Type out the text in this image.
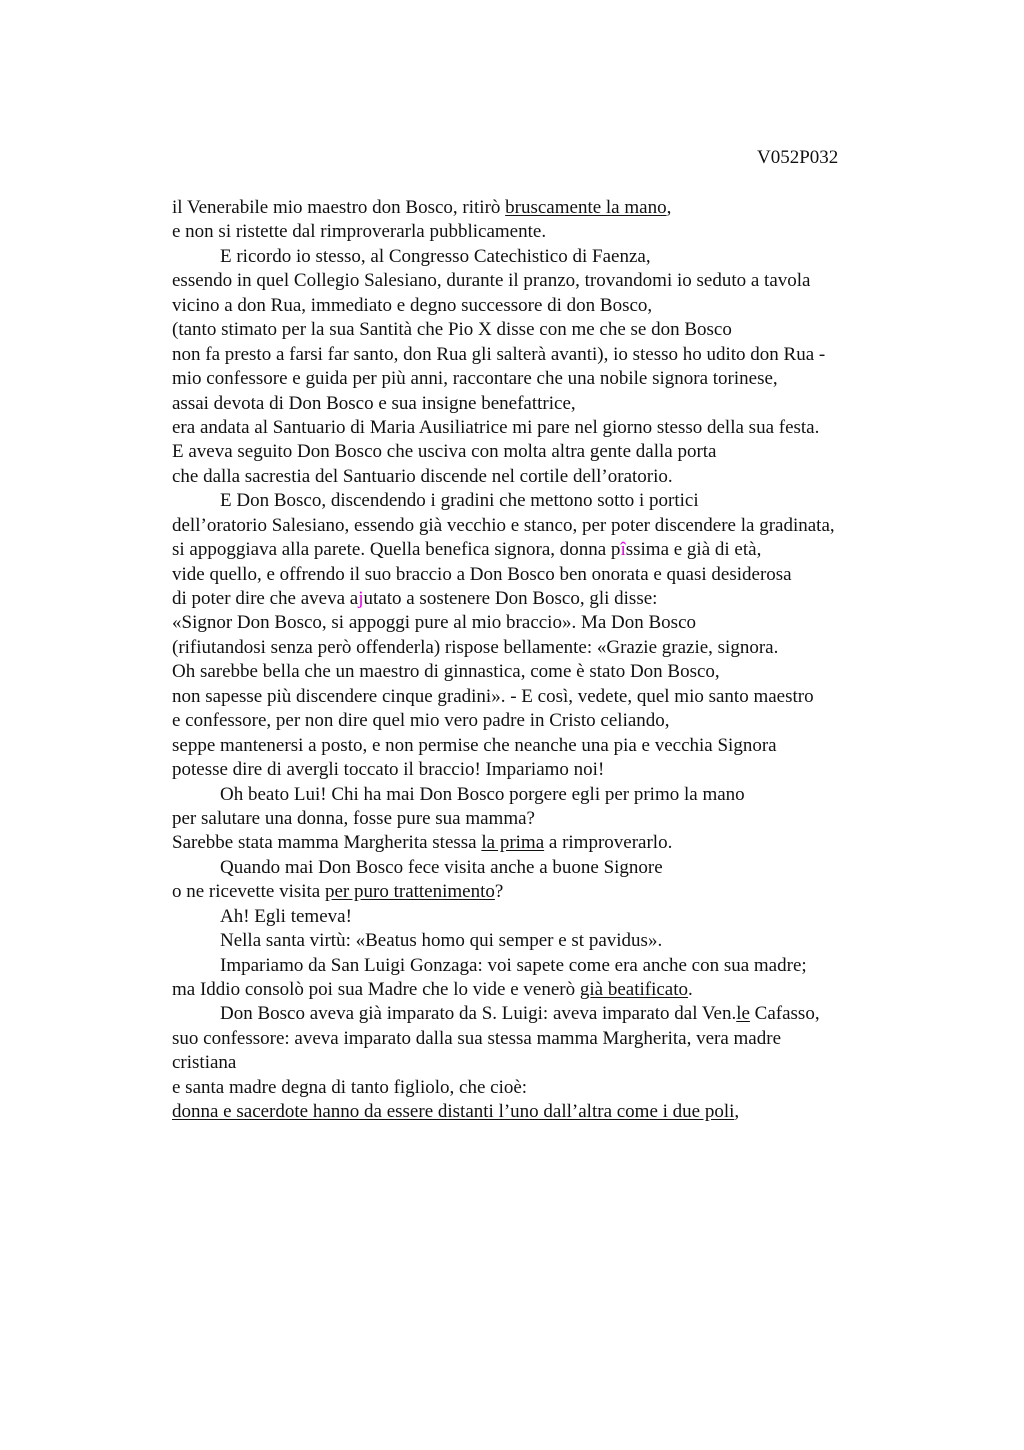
V052P032
il Venerabile mio maestro don Bosco, ritirò bruscamente la mano,
e non si ristette dal rimproverarla pubblicamente.
E ricordo io stesso, al Congresso Catechistico di Faenza,
essendo in quel Collegio Salesiano, durante il pranzo, trovandomi io seduto a tavola
vicino a don Rua, immediato e degno successore di don Bosco,
(tanto stimato per la sua Santità che Pio X disse con me che se don Bosco
non fa presto a farsi far santo, don Rua gli salterà avanti), io stesso ho udito don Rua -
mio confessore e guida per più anni, raccontare che una nobile signora torinese,
assai devota di Don Bosco e sua insigne benefattrice,
era andata al Santuario di Maria Ausiliatrice mi pare nel giorno stesso della sua festa.
E aveva seguito Don Bosco che usciva con molta altra gente dalla porta
che dalla sacrestia del Santuario discende nel cortile dell’oratorio.
E Don Bosco, discendendo i gradini che mettono sotto i portici
dell’oratorio Salesiano, essendo già vecchio e stanco, per poter discendere la gradinata,
si appoggiava alla parete. Quella benefica signora, donna pîssima e già di età,
vide quello, e offrendo il suo braccio a Don Bosco ben onorata e quasi desiderosa
di poter dire che aveva ajutato a sostenere Don Bosco, gli disse:
«Signor Don Bosco, si appoggi pure al mio braccio». Ma Don Bosco
(rifiutandosi senza però offenderla) rispose bellamente: «Grazie grazie, signora.
Oh sarebbe bella che un maestro di ginnastica, come è stato Don Bosco,
non sapesse più discendere cinque gradini». - E così, vedete, quel mio santo maestro
e confessore, per non dire quel mio vero padre in Cristo celiando,
seppe mantenersi a posto, e non permise che neanche una pia e vecchia Signora
potesse dire di avergli toccato il braccio! Impariamo noi!
Oh beato Lui! Chi ha mai Don Bosco porgere egli per primo la mano
per salutare una donna, fosse pure sua mamma?
Sarebbe stata mamma Margherita stessa la prima a rimproverarlo.
Quando mai Don Bosco fece visita anche a buone Signore
o ne ricevette visita per puro trattenimento?
Ah! Egli temeva!
Nella santa virtù: «Beatus homo qui semper e st pavidus».
Impariamo da San Luigi Gonzaga: voi sapete come era anche con sua madre;
ma Iddio consolò poi sua Madre che lo vide e venerò già beatificato.
Don Bosco aveva già imparato da S. Luigi: aveva imparato dal Ven.le Cafasso,
suo confessore: aveva imparato dalla sua stessa mamma Margherita, vera madre
cristiana
e santa madre degna di tanto figliolo, che cioè:
donna e sacerdote hanno da essere distanti l’uno dall’altra come i due poli,
